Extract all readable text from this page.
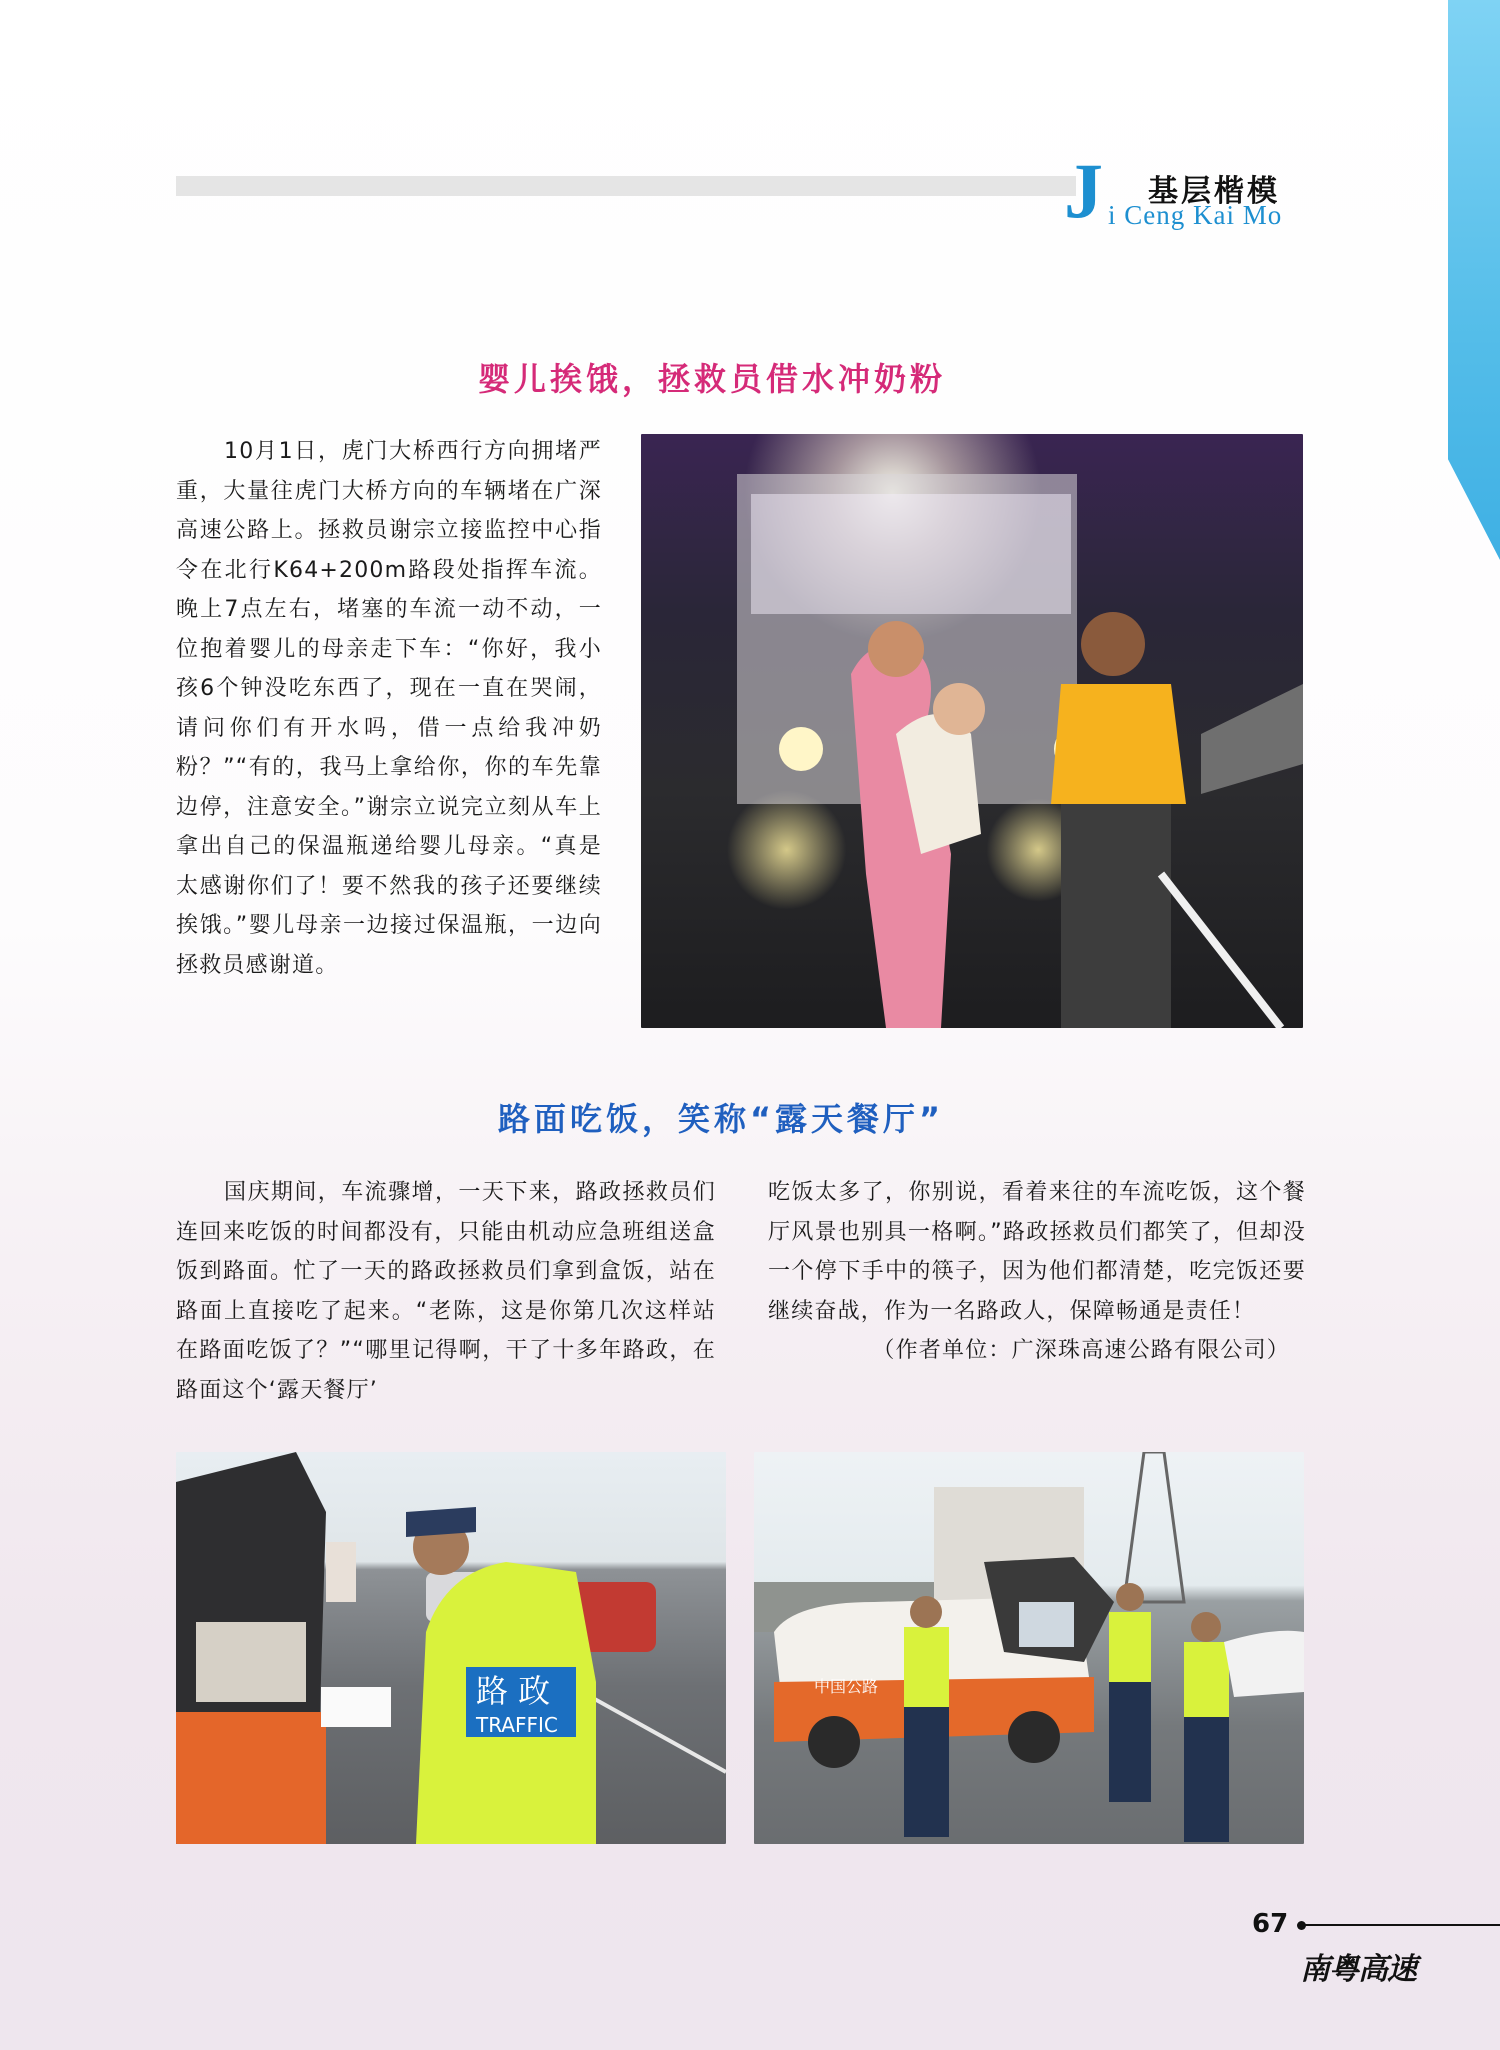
J 基层楷模
i Ceng Kai Mo
婴儿挨饿，拯救员借水冲奶粉

10月1日，虎门大桥西行方向拥堵严重，大量往虎门大桥方向的车辆堵在广深高速公路上。拯救员谢宗立接监控中心指令在北行K64+200m路段处指挥车流。晚上7点左右，堵塞的车流一动不动，一位抱着婴儿的母亲走下车：“你好，我小孩6个钟没吃东西了，现在一直在哭闹，请问你们有开水吗，借一点给我冲奶粉？”“有的，我马上拿给你，你的车先靠边停，注意安全。”谢宗立说完立刻从车上拿出自己的保温瓶递给婴儿母亲。“真是太感谢你们了！要不然我的孩子还要继续挨饿。”婴儿母亲一边接过保温瓶，一边向拯救员感谢道。

路面吃饭，笑称“露天餐厅”

国庆期间，车流骤增，一天下来，路政拯救员们连回来吃饭的时间都没有，只能由机动应急班组送盒饭到路面。忙了一天的路政拯救员们拿到盒饭，站在路面上直接吃了起来。“老陈，这是你第几次这样站在路面吃饭了？”“哪里记得啊，干了十多年路政，在路面这个‘露天餐厅’

吃饭太多了，你别说，看着来往的车流吃饭，这个餐厅风景也别具一格啊。”路政拯救员们都笑了，但却没一个停下手中的筷子，因为他们都清楚，吃完饭还要继续奋战，作为一名路政人，保障畅通是责任！
（作者单位：广深珠高速公路有限公司）

路 政
TRAFFIC
中国公路
67
南粤高速
